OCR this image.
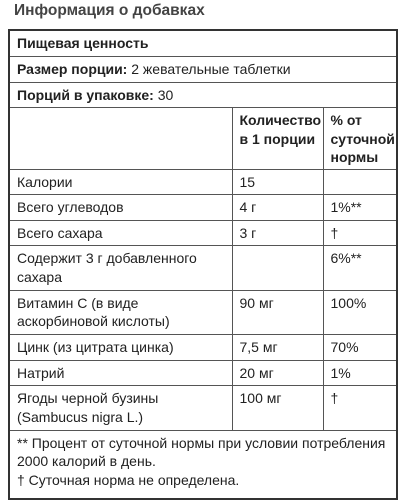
Информация о добавках
Пищевая ценность		
Размер порции: 2 жевательные таблетки		
Порций в упаковке: 30		
	Количество в 1 порции	% от суточной нормы
Калории	15	
Всего углеводов	4 г	1%**
Всего сахара	3 г	†
Содержит 3 г добавленного сахара		6%**
Витамин C (в виде аскорбиновой кислоты)	90 мг	100%
Цинк (из цитрата цинка)	7,5 мг	70%
Натрий	20 мг	1%
Ягоды черной бузины (Sambucus nigra L.)	100 мг	†

** Процент от суточной нормы при условии потребления 2000 калорий в день.
† Суточная норма не определена.		
